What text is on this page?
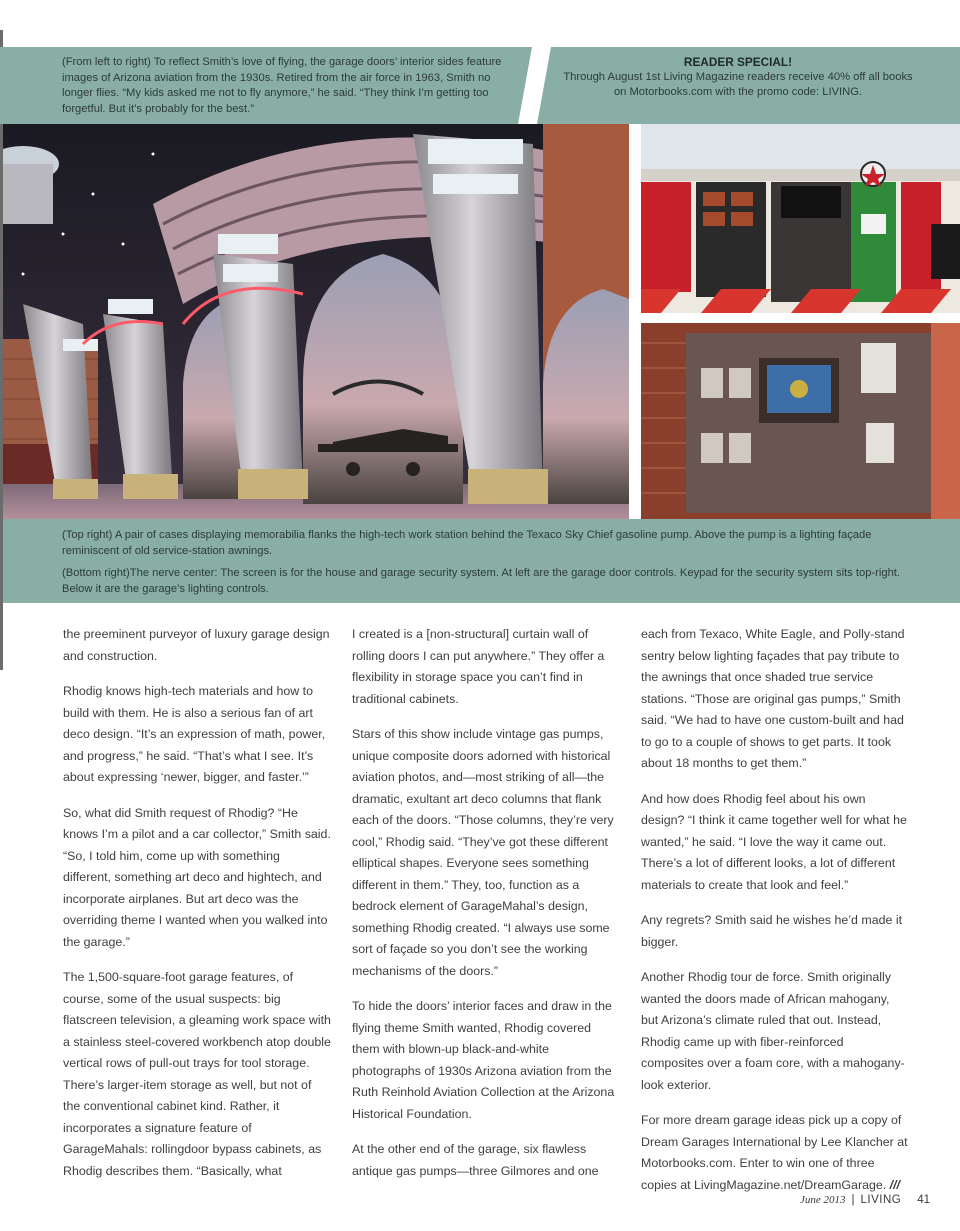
(From left to right) To reflect Smith’s love of flying, the garage doors’ interior sides feature images of Arizona aviation from the 1930s. Retired from the air force in 1963, Smith no longer flies. “My kids asked me not to fly anymore,” he said. “They think I’m getting too forgetful. But it’s probably for the best.”
READER SPECIAL!
Through August 1st Living Magazine readers receive 40% off all books on Motorbooks.com with the promo code: LIVING.
(Top right) A pair of cases displaying memorabilia flanks the high-tech work station behind the Texaco Sky Chief gasoline pump. Above the pump is a lighting façade reminiscent of old service-station awnings.
(Bottom right)The nerve center: The screen is for the house and garage security system. At left are the garage door controls. Keypad for the security system sits top-right. Below it are the garage’s lighting controls.

the preeminent purveyor of luxury garage design and construction.

Rhodig knows high-tech materials and how to build with them. He is also a serious fan of art deco design. “It’s an expression of math, power, and progress,” he said. “That’s what I see. It’s about expressing ‘newer, bigger, and faster.’”

So, what did Smith request of Rhodig? “He knows I’m a pilot and a car collector,” Smith said. “So, I told him, come up with something different, something art deco and hightech, and incorporate airplanes. But art deco was the overriding theme I wanted when you walked into the garage.”

The 1,500-square-foot garage features, of course, some of the usual suspects: big flatscreen television, a gleaming work space with a stainless steel-covered workbench atop double vertical rows of pull-out trays for tool storage. There’s larger-item storage as well, but not of the conventional cabinet kind. Rather, it incorporates a signature feature of GarageMahals: rollingdoor bypass cabinets, as Rhodig describes them. “Basically, what

I created is a [non-structural] curtain wall of rolling doors I can put anywhere.” They offer a flexibility in storage space you can’t find in traditional cabinets.

Stars of this show include vintage gas pumps, unique composite doors adorned with historical aviation photos, and—most striking of all—the dramatic, exultant art deco columns that flank each of the doors. “Those columns, they’re very cool,” Rhodig said. “They’ve got these different elliptical shapes. Everyone sees something different in them.” They, too, function as a bedrock element of GarageMahal’s design, something Rhodig created. “I always use some sort of façade so you don’t see the working mechanisms of the doors.”

To hide the doors’ interior faces and draw in the flying theme Smith wanted, Rhodig covered them with blown-up black-and-white photographs of 1930s Arizona aviation from the Ruth Reinhold Aviation Collection at the Arizona Historical Foundation.

At the other end of the garage, six flawless antique gas pumps—three Gilmores and one

each from Texaco, White Eagle, and Polly-stand sentry below lighting façades that pay tribute to the awnings that once shaded true service stations. “Those are original gas pumps,” Smith said. “We had to have one custom-built and had to go to a couple of shows to get parts. It took about 18 months to get them.”

And how does Rhodig feel about his own design? “I think it came together well for what he wanted,” he said. “I love the way it came out. There’s a lot of different looks, a lot of different materials to create that look and feel.”

Any regrets? Smith said he wishes he’d made it bigger.

Another Rhodig tour de force. Smith originally wanted the doors made of African mahogany, but Arizona’s climate ruled that out. Instead, Rhodig came up with fiber-reinforced composites over a foam core, with a mahogany-look exterior.

For more dream garage ideas pick up a copy of Dream Garages International by Lee Klancher at Motorbooks.com. Enter to win one of three copies at LivingMagazine.net/DreamGarage. ///

June 2013 | LIVING 41
